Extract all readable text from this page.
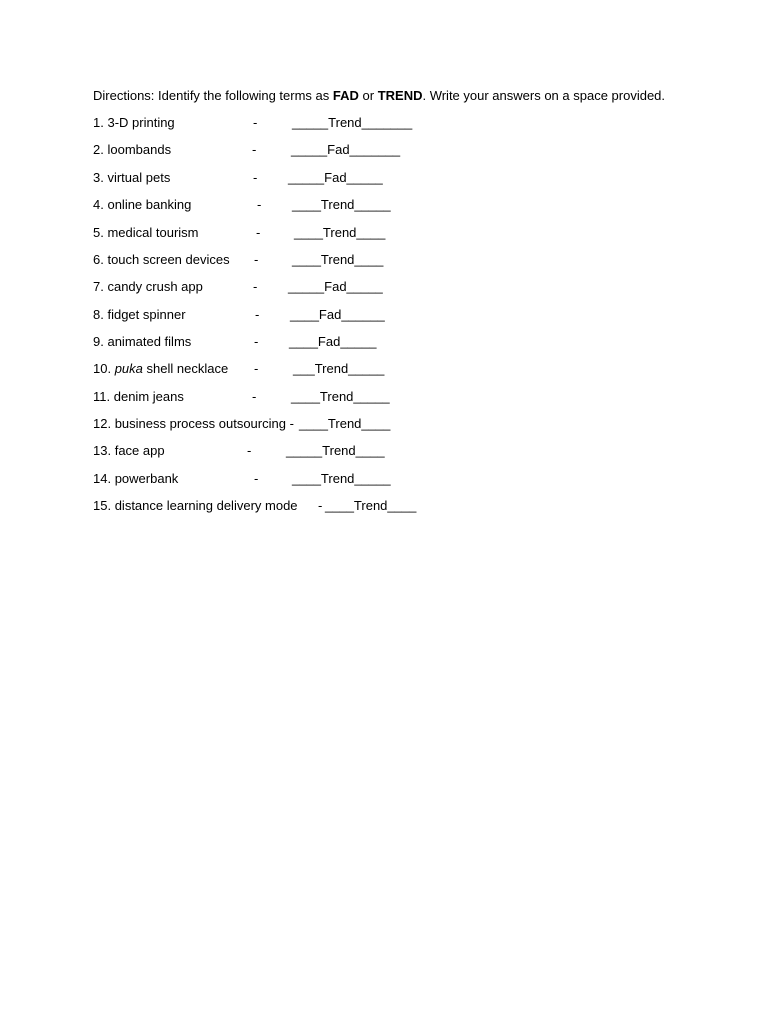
Directions: Identify the following terms as FAD or TREND. Write your answers on a space provided.
1. 3-D printing	-	_____Trend_______
2. loombands	-	_____Fad_______
3. virtual pets	- _____Fad_____
4. online banking	- ____Trend_____
5. medical tourism	-	____Trend____
6. touch screen devices -	____Trend____
7. candy crush app	- _____Fad_____
8. fidget spinner	- ____Fad______
9. animated films	- ____Fad_____
10. puka shell necklace -	___Trend_____
11. denim jeans	-	____Trend_____
12. business process outsourcing - ____Trend____
13. face app	-	_____Trend____
14. powerbank	-	____Trend_____
15. distance learning delivery mode - ____Trend____
